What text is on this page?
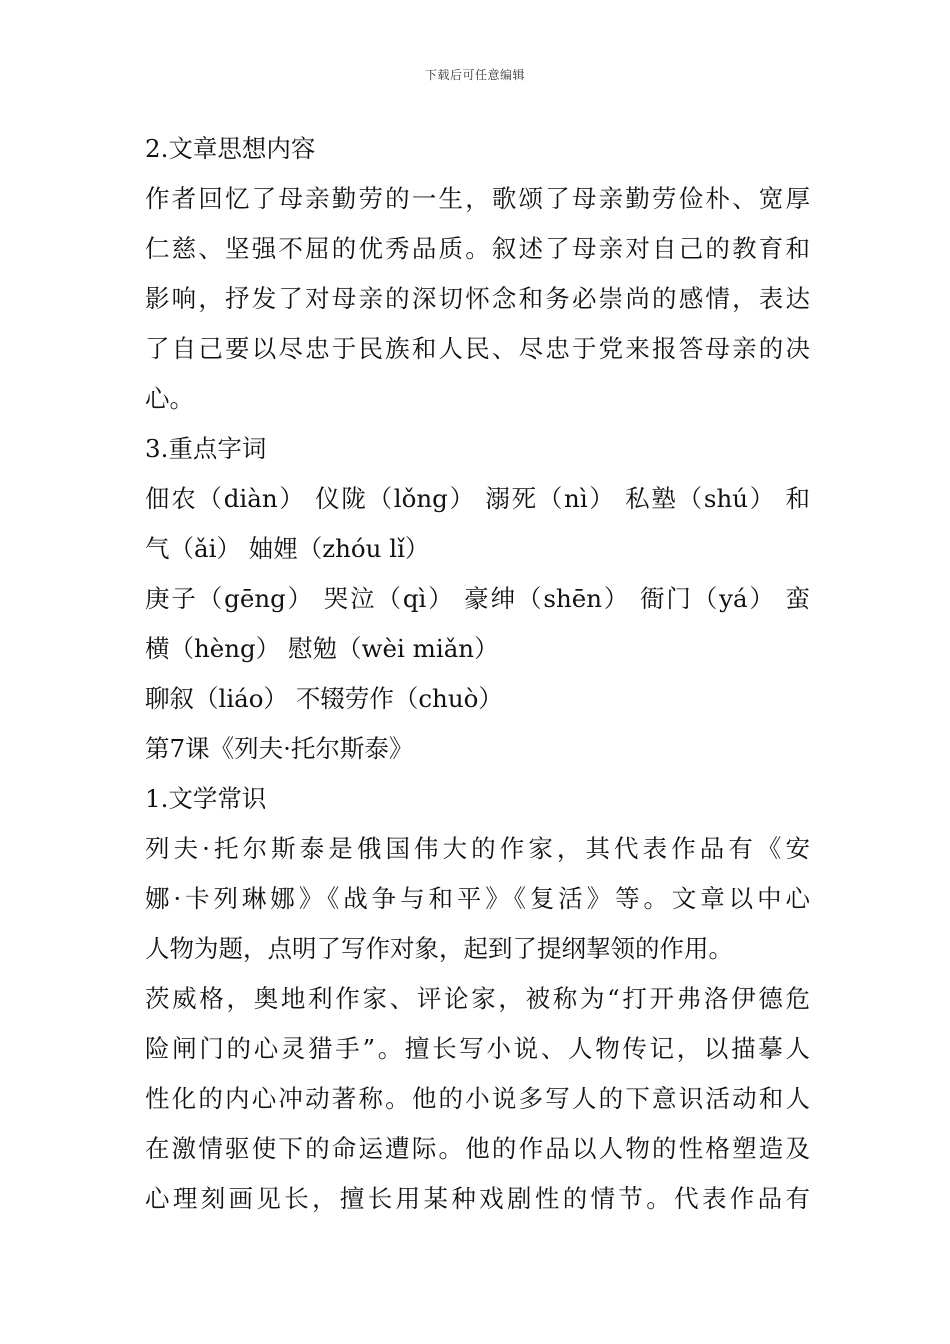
下载后可任意编辑
2.文章思想内容
作者回忆了母亲勤劳的一生，歌颂了母亲勤劳俭朴、宽厚
仁慈、坚强不屈的优秀品质。叙述了母亲对自己的教育和
影响，抒发了对母亲的深切怀念和务必崇尚的感情，表达
了自己要以尽忠于民族和人民、尽忠于党来报答母亲的决
心。
3.重点字词
佃农（diàn） 仪陇（lǒng） 溺死（nì） 私塾（shú） 和
气（ǎi） 妯娌（zhóu lǐ）
庚子（gēng） 哭泣（qì） 豪绅（shēn） 衙门（yá） 蛮
横（hèng） 慰勉（wèi miǎn）
聊叙（liáo） 不辍劳作（chuò）
第7课《列夫·托尔斯泰》
1.文学常识
列夫·托尔斯泰是俄国伟大的作家，其代表作品有《安
娜·卡列琳娜》《战争与和平》《复活》等。文章以中心
人物为题，点明了写作对象，起到了提纲挈领的作用。
茨威格，奥地利作家、评论家，被称为“打开弗洛伊德危
险闸门的心灵猎手”。擅长写小说、人物传记，以描摹人
性化的内心冲动著称。他的小说多写人的下意识活动和人
在激情驱使下的命运遭际。他的作品以人物的性格塑造及
心理刻画见长，擅长用某种戏剧性的情节。代表作品有
